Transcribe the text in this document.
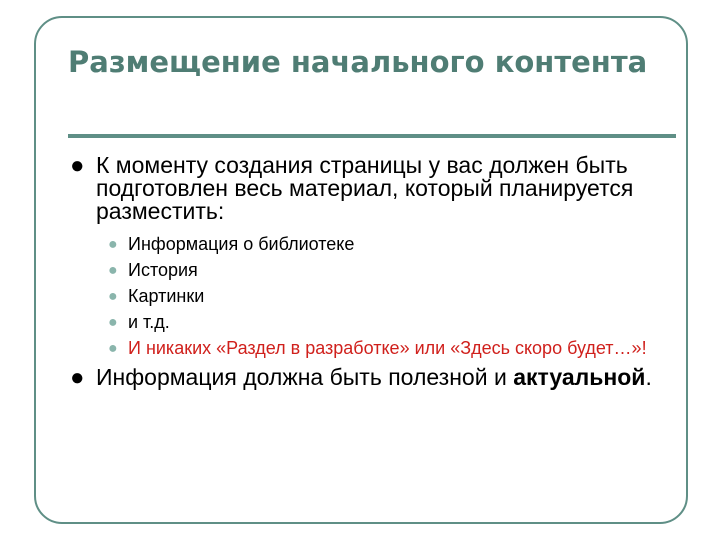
Размещение начального контента
● К моменту создания страницы у вас должен быть подготовлен весь материал, который планируется разместить:
● Информация о библиотеке
● История
● Картинки
● и т.д.
● И никаких «Раздел в разработке» или «Здесь скоро будет…»!
● Информация должна быть полезной и актуальной.
